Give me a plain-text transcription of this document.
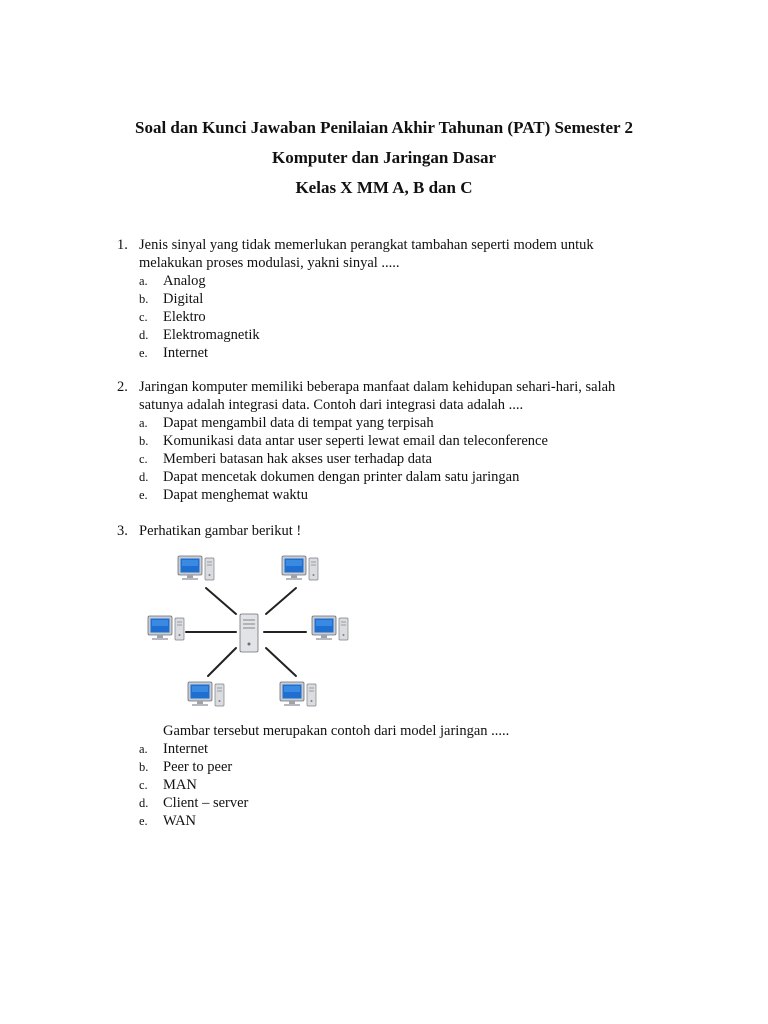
Soal dan Kunci Jawaban Penilaian Akhir Tahunan (PAT) Semester 2
Komputer dan Jaringan Dasar
Kelas X MM A, B dan C
1. Jenis sinyal yang tidak memerlukan perangkat tambahan seperti modem untuk melakukan proses modulasi, yakni sinyal .....
a.	Analog
b.	Digital
c.	Elektro
d.	Elektromagnetik
e.	Internet
2. Jaringan komputer memiliki beberapa manfaat dalam kehidupan sehari-hari, salah satunya adalah integrasi data. Contoh dari integrasi data adalah ....
a.	Dapat mengambil data di tempat yang terpisah
b.	Komunikasi data antar user seperti lewat email dan teleconference
c.	Memberi batasan hak akses user terhadap data
d.	Dapat mencetak dokumen dengan printer dalam satu jaringan
e.	Dapat menghemat waktu
3. Perhatikan gambar berikut !
Gambar tersebut merupakan contoh dari model jaringan .....
a.	Internet
b.	Peer to peer
c.	MAN
d.	Client – server
e.	WAN
